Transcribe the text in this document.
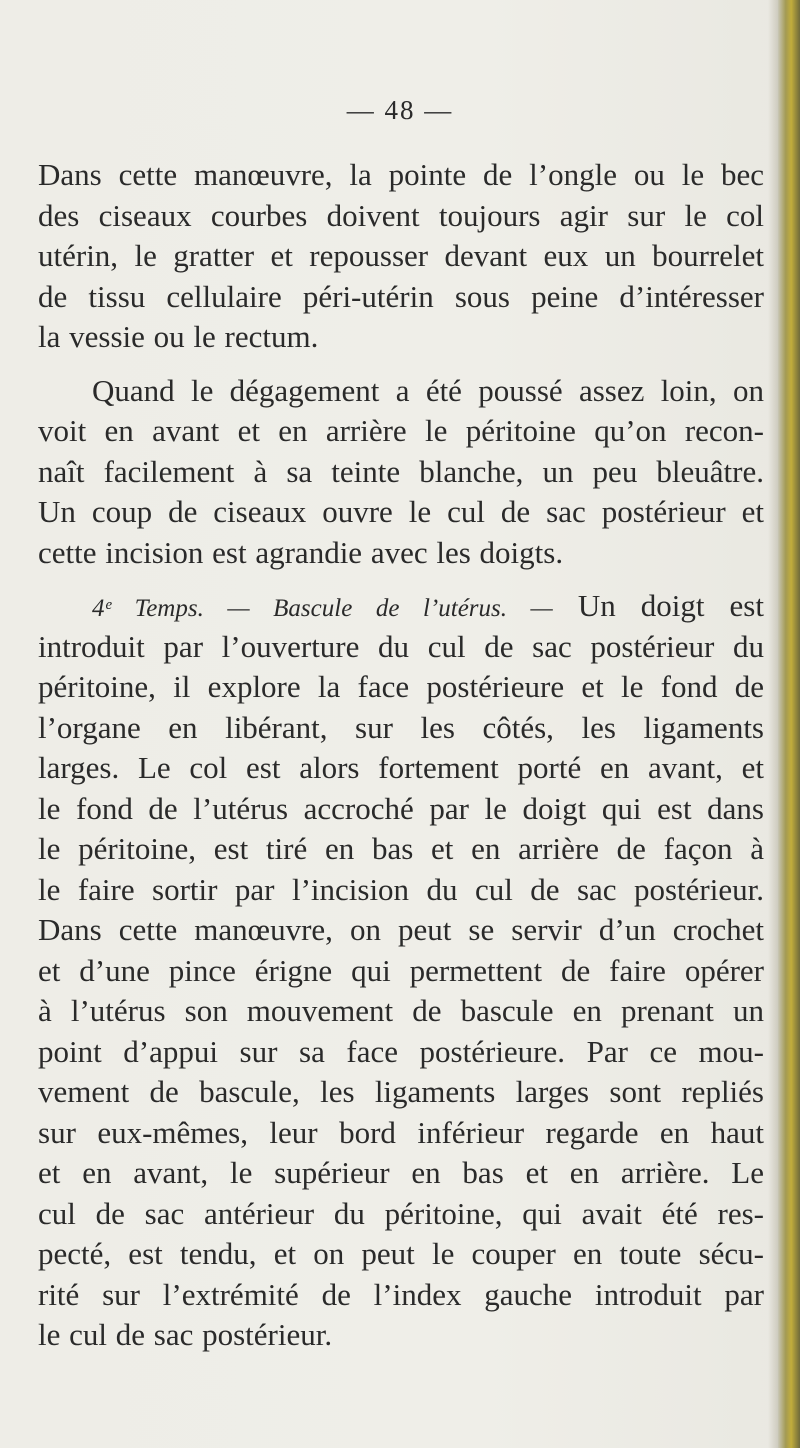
— 48 —
Dans cette manœuvre, la pointe de l’ongle ou le bec
des ciseaux courbes doivent toujours agir sur le col
utérin, le gratter et repousser devant eux un bourrelet
de tissu cellulaire péri-utérin sous peine d’intéresser
la vessie ou le rectum.
Quand le dégagement a été poussé assez loin, on
voit en avant et en arrière le péritoine qu’on recon-
naît facilement à sa teinte blanche, un peu bleuâtre.
Un coup de ciseaux ouvre le cul de sac postérieur et
cette incision est agrandie avec les doigts.
4ᵉ Temps. — Bascule de l’utérus. — Un doigt est
introduit par l’ouverture du cul de sac postérieur du
péritoine, il explore la face postérieure et le fond de
l’organe en libérant, sur les côtés, les ligaments
larges. Le col est alors fortement porté en avant, et
le fond de l’utérus accroché par le doigt qui est dans
le péritoine, est tiré en bas et en arrière de façon à
le faire sortir par l’incision du cul de sac postérieur.
Dans cette manœuvre, on peut se servir d’un crochet
et d’une pince érigne qui permettent de faire opérer
à l’utérus son mouvement de bascule en prenant un
point d’appui sur sa face postérieure. Par ce mou-
vement de bascule, les ligaments larges sont repliés
sur eux-mêmes, leur bord inférieur regarde en haut
et en avant, le supérieur en bas et en arrière. Le
cul de sac antérieur du péritoine, qui avait été res-
pecté, est tendu, et on peut le couper en toute sécu-
rité sur l’extrémité de l’index gauche introduit par
le cul de sac postérieur.
